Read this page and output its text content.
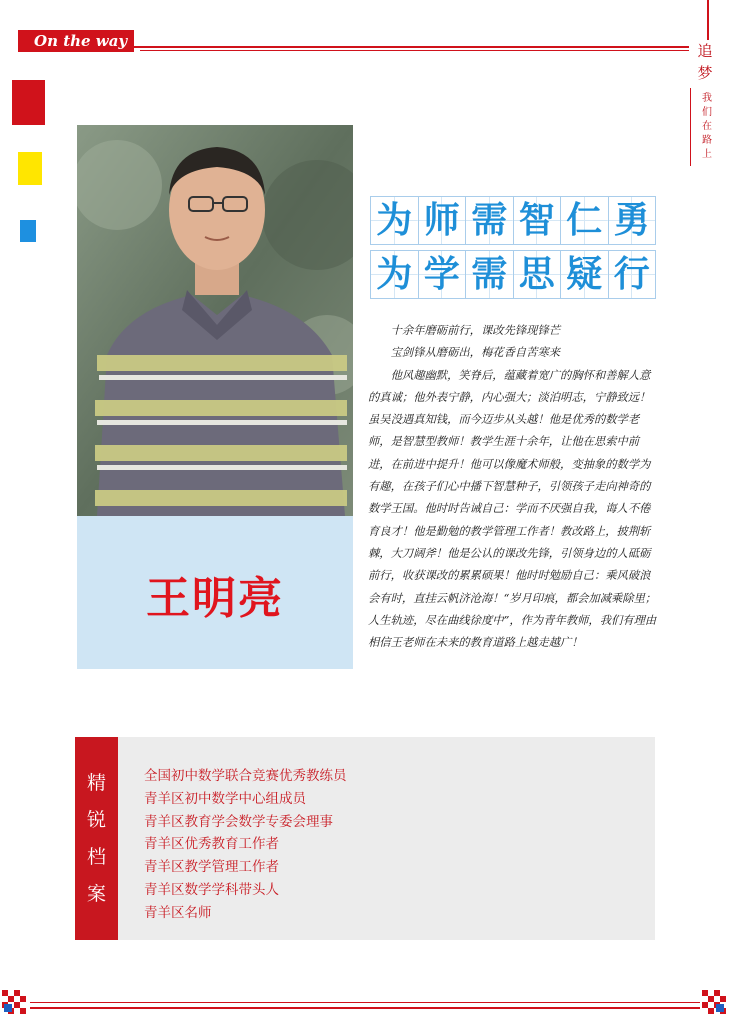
On the way
追
梦
我
们
在
路
上
王明亮
为 师 需 智 仁 勇
为 学 需 思 疑 行

十余年磨砺前行，课改先锋现锋芒

宝剑锋从磨砺出，梅花香自苦寒来

他风趣幽默，笑脊后，蕴藏着宽广的胸怀和善解人意的真诚；他外表宁静，内心强大；淡泊明志，宁静致远！虽吴没遇真知钱，而今迈步从头越！他是优秀的数学老师，是智慧型教师！教学生涯十余年，让他在思索中前进，在前进中提升！他可以像魔术师般，变抽象的数学为有趣，在孩子们心中播下智慧种子，引领孩子走向神奇的数学王国。他时时告诫自己：学而不厌强自我，诲人不倦育良才！他是勤勉的教学管理工作者！教改路上，披荆斩棘，大刀阔斧！他是公认的课改先锋，引领身边的人砥砺前行，收获课改的累累硕果！他时时勉励自己：乘风破浪会有时，直挂云帆济沧海！“岁月印痕，都会加减乘除里；人生轨迹，尽在曲线徐度中”，作为青年教师，我们有理由相信王老师在未来的教育道路上越走越广！

精
锐
档
案
全国初中数学联合竞赛优秀教练员
青羊区初中数学中心组成员
青羊区教育学会数学专委会理事
青羊区优秀教育工作者
青羊区教学管理工作者
青羊区数学学科带头人
青羊区名师
